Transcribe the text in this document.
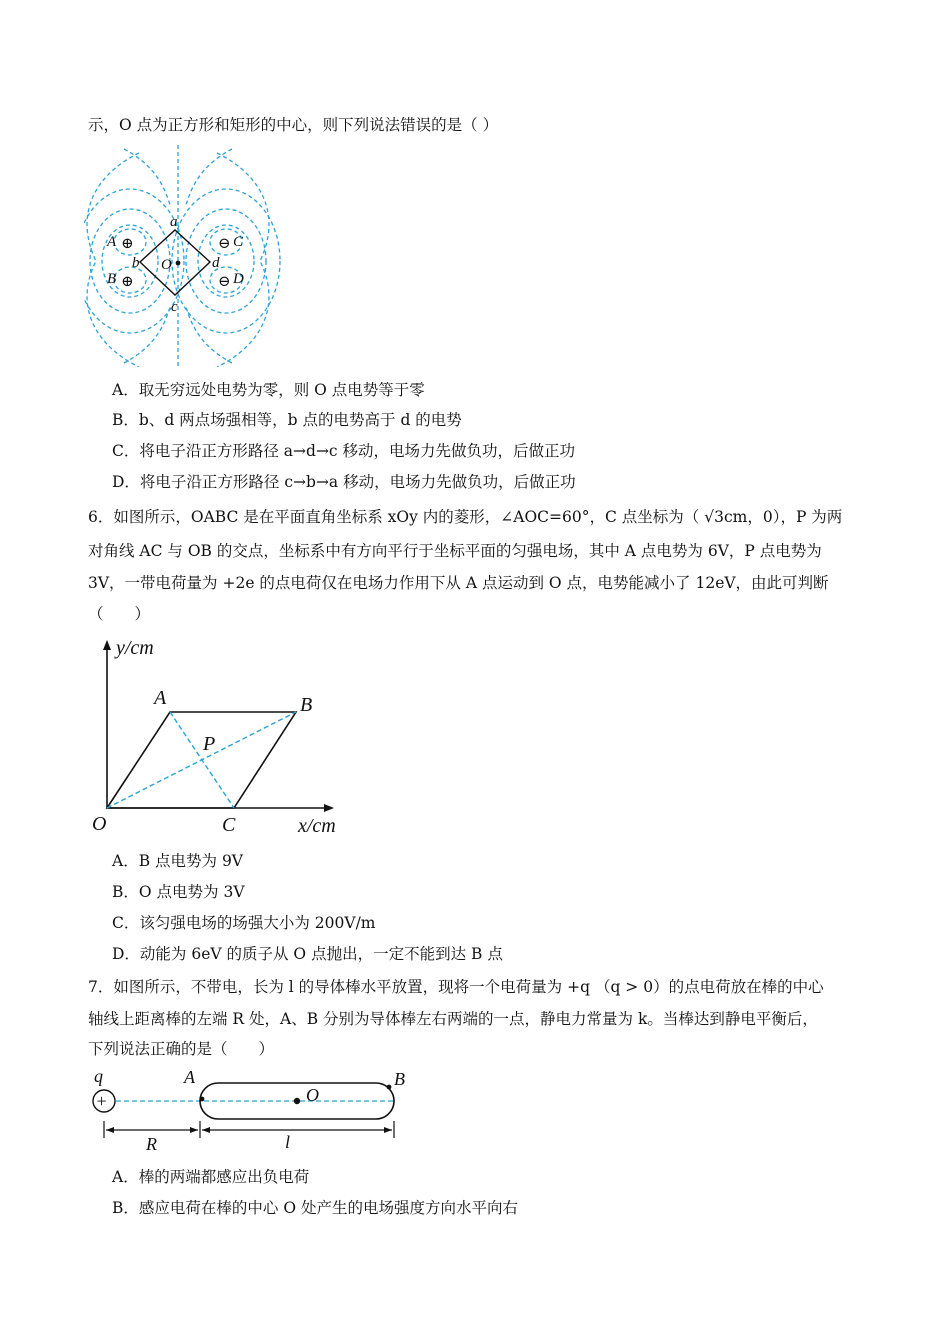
示，O 点为正方形和矩形的中心，则下列说法错误的是（ ）
⊕
⊕
⊖
⊖
a
b
c
d
O
A
B
C
D
A．取无穷远处电势为零，则 O 点电势等于零
B．b、d 两点场强相等，b 点的电势高于 d 的电势
C．将电子沿正方形路径 a→d→c 移动，电场力先做负功，后做正功
D．将电子沿正方形路径 c→b→a 移动，电场力先做负功，后做正功
6．如图所示，OABC 是在平面直角坐标系 xOy 内的菱形，∠AOC=60°，C 点坐标为（ √3cm，0），P 为两
对角线 AC 与 OB 的交点，坐标系中有方向平行于坐标平面的匀强电场，其中 A 点电势为 6V，P 点电势为
3V，一带电荷量为 +2e 的点电荷仅在电场力作用下从 A 点运动到 O 点，电势能减小了 12eV，由此可判断
（　　）
y/cm
x/cm
O
A	B
C
P
A．B 点电势为 9V
B．O 点电势为 3V
C．该匀强电场的场强大小为 200V/m
D．动能为 6eV 的质子从 O 点抛出，一定不能到达 B 点
7．如图所示，不带电，长为 l 的导体棒水平放置，现将一个电荷量为 +q （q > 0）的点电荷放在棒的中心
轴线上距离棒的左端 R 处，A、B 分别为导体棒左右两端的一点，静电力常量为 k。当棒达到静电平衡后，
下列说法正确的是（　　）
+
q	A	B
O
R	l
A．棒的两端都感应出负电荷
B．感应电荷在棒的中心 O 处产生的电场强度方向水平向右
